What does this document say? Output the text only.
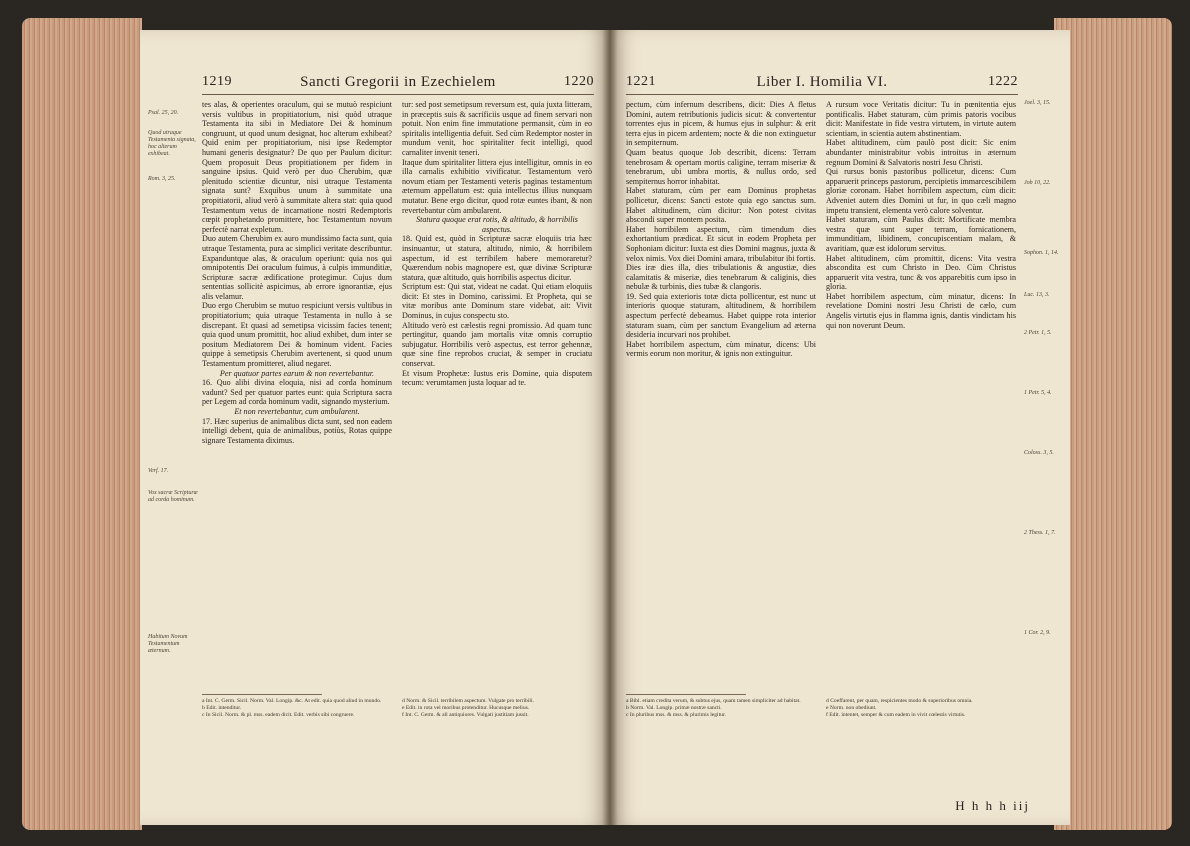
1219	Sancti Gregorii in Ezechielem	1220
Psal. 25, 20.
Quod utraque Testamenta signata, hoc alterum exhibeat.
Rom. 3, 25.
Verf. 17.
Vox sacræ Scripturæ ad corda hominum.
Habitum Novum Testamentum æternum.

tes alas, & operientes oraculum, qui se mutuò respiciunt versis vultibus in propitiatorium, nisi quòd utraque Testamenta ita sibi in Mediatore Dei & hominum congruunt, ut quod unum designat, hoc alterum exhibeat? Quid enim per propitiatorium, nisi ipse Redemptor humani generis designatur? De quo per Paulum dicitur: Quem proposuit Deus propitiationem per fidem in sanguine ipsius. Quid verò per duo Cherubim, quæ plenitudo scientiæ dicuntur, nisi utraque Testamenta signata sunt? Exquibus unum à summitate una propitiatorii, aliud verò à summitate altera stat: quia quod Testamentum vetus de incarnatione nostri Redemptoris cœpit prophetando promittere, hoc Testamentum novum perfectè narrat expletum.

Duo autem Cherubim ex auro mundissimo facta sunt, quia utraque Testamenta, pura ac simplici veritate describuntur. Expanduntque alas, & oraculum operiunt: quia nos qui omnipotentis Dei oraculum fuimus, à culpis immunditiæ, Scripturæ sacræ ædificatione protegimur. Cujus dum sententias sollicitè aspicimus, ab errore ignorantiæ, ejus alis velamur.

Duo ergo Cherubim se mutuo respiciunt versis vultibus in propitiatorium; quia utraque Testamenta in nullo à se discrepant. Et quasi ad semetipsa vicissim facies tenent; quia quod unum promittit, hoc aliud exhibet, dum inter se positum Mediatorem Dei & hominum vident. Facies quippe à semetipsis Cherubim avertenent, si quod unum Testamentum promitteret, aliud negaret.

Per quatuor partes earum & non revertebantur.

16. Quo alibi divina eloquia, nisi ad corda hominum vadunt? Sed per quatuor partes eunt: quia Scriptura sacra per Legem ad corda hominum vadit, signando mysterium.

Et non revertebantur, cum ambularent.

17. Hæc superius de animalibus dicta sunt, sed non eadem intelligi debent, quia de animalibus, potiùs, Rotas quippe signare Testamenta diximus.

tur: sed post semetipsum reversum est, quia juxta litteram, in præceptis suis & sacrificiis usque ad finem servari non potuit. Non enim fine immutatione permansit, cùm in eo spiritalis intelligentia defuit. Sed cùm Redemptor noster in mundum venit, hoc spiritaliter fecit intelligi, quod carnaliter invenit teneri.

Itaque dum spiritaliter littera ejus intelligitur, omnis in eo illa carnalis exhibitio vivificatur. Testamentum verò novum etiam per Testamenti veteris paginas testamentum æternum appellatum est: quia intellectus illius nunquam mutatur. Bene ergo dicitur, quod rotæ euntes ibant, & non revertebantur cùm ambularent.

Statura quoque erat rotis, & altitudo, & horribilis aspectus.

18. Quid est, quòd in Scripturæ sacræ eloquiis tria hæc insinuantur, ut statura, altitudo, nimio, & horribilem aspectum, id est terribilem habere memoraretur? Quærendum nobis magnopere est, quæ divinæ Scripturæ statura, quæ altitudo, quis horribilis aspectus dicitur.

Scriptum est: Qui stat, videat ne cadat. Qui etiam eloquiis dicit: Et stes in Domino, carissimi. Et Propheta, qui se vitæ moribus ante Dominum stare videbat, ait: Vivit Dominus, in cujus conspectu sto.

Altitudo verò est cælestis regni promissio. Ad quam tunc pertingitur, quando jam mortalis vitæ omnis corruptio subjugatur. Horribilis verò aspectus, est terror gehennæ, quæ sine fine reprobos cruciat, & semper in cruciatu conservat.

Et visum Prophetæ: Iustus eris Domine, quia disputem tecum: verumtamen justa loquar ad te.

a Int. C. Germ. Sicil. Norm. Val. Longip. &c. At edit. quia quod aliud in mundo.
b Edit. intenditur.
c In Sicil. Norm. & pl. mss. eadem dicit. Edit. verbis sibi congruere.
d Norm. & Sicil. terribilem aspectum. Vulgate pro terribili.
e Edit. in rota vel moribus protenditur. Hucusque melius.
f Int. C. Germ. & all antiquiores. Vulgati justitiam jussit.
1221	Liber I. Homilia VI.	1222
Joel. 3, 15.
Job 10, 22.
Sophon. 1, 14.
Luc. 13, 3.
2 Petr. 1, 5.
1 Petr. 5, 4.
Coloss. 3, 5.
2 Thess. 1, 7.
1 Cor. 2, 9.

pectum, cùm infernum describens, dicit: Dies A fletus Domini, autem retributionis judicis sicut: & convertentur torrentes ejus in picem, & humus ejus in sulphur: & erit terra ejus in picem ardentem; nocte & die non extinguetur in sempiternum.

Quam beatus quoque Job describit, dicens: Terram tenebrosam & opertam mortis caligine, terram miseriæ & tenebrarum, ubi umbra mortis, & nullus ordo, sed sempiternus horror inhabitat.

Habet staturam, cùm per eam Dominus prophetas pollicetur, dicens: Sancti estote quia ego sanctus sum. Habet altitudinem, cùm dicitur: Non potest civitas abscondi super montem posita.

Habet horribilem aspectum, cùm timendum dies exhortantium prædicat. Et sicut in eodem Propheta per Sophoniam dicitur: Iuxta est dies Domini magnus, juxta & velox nimis. Vox diei Domini amara, tribulabitur ibi fortis.

Dies iræ dies illa, dies tribulationis & angustiæ, dies calamitatis & miseriæ, dies tenebrarum & caliginis, dies nebulæ & turbinis, dies tubæ & clangoris.

19. Sed quia exterioris totæ dicta pollicentur, est nunc ut interioris quoque staturam, altitudinem, & horribilem aspectum perfectè debeamus. Habet quippe rota interior staturam suam, cùm per sanctum Evangelium ad æterna desideria incurvari nos prohibet.

Habet horribilem aspectum, cùm minatur, dicens: Ubi vermis eorum non moritur, & ignis non extinguitur.

A rursum voce Veritatis dicitur: Tu in pœnitentia ejus pontificalis. Habet staturam, cùm primis patoris vocibus dicit: Manifestate in fide vestra virtutem, in virtute autem scientiam, in scientia autem abstinentiam.

Habet altitudinem, cùm paulò post dicit: Sic enim abundanter ministrabitur vobis introitus in æternum regnum Domini & Salvatoris nostri Jesu Christi.

Qui rursus bonis pastoribus pollicetur, dicens: Cum apparuerit princeps pastorum, percipietis immarcescibilem gloriæ coronam. Habet horribilem aspectum, cùm dicit: Adveniet autem dies Domini ut fur, in quo cæli magno impetu transient, elementa verò calore solventur.

Habet staturam, cùm Paulus dicit: Mortificate membra vestra quæ sunt super terram, fornicationem, immunditiam, libidinem, concupiscentiam malam, & avaritiam, quæ est idolorum servitus.

Habet altitudinem, cùm promittit, dicens: Vita vestra abscondita est cum Christo in Deo. Cùm Christus apparuerit vita vestra, tunc & vos apparebitis cum ipso in gloria.

Habet horribilem aspectum, cùm minatur, dicens: In revelatione Domini nostri Jesu Christi de cælo, cum Angelis virtutis ejus in flamma ignis, dantis vindictam his qui non noverunt Deum.

a Bibl. etiam credita verum, & subtus ejus, quam tamen simpliciter ad habitat.
b Norm. Val. Longip. primæ nostræ sancti.
c In pluribus mss. & mss. & plurimis legitur.
d Coeffarent, per quam, respicientes modo & superioribus omnia.
e Norm. non obediunt.
f Edit. intentet, semper & cum eadem in vivit cœlestis virtutis.
H h h h iij
